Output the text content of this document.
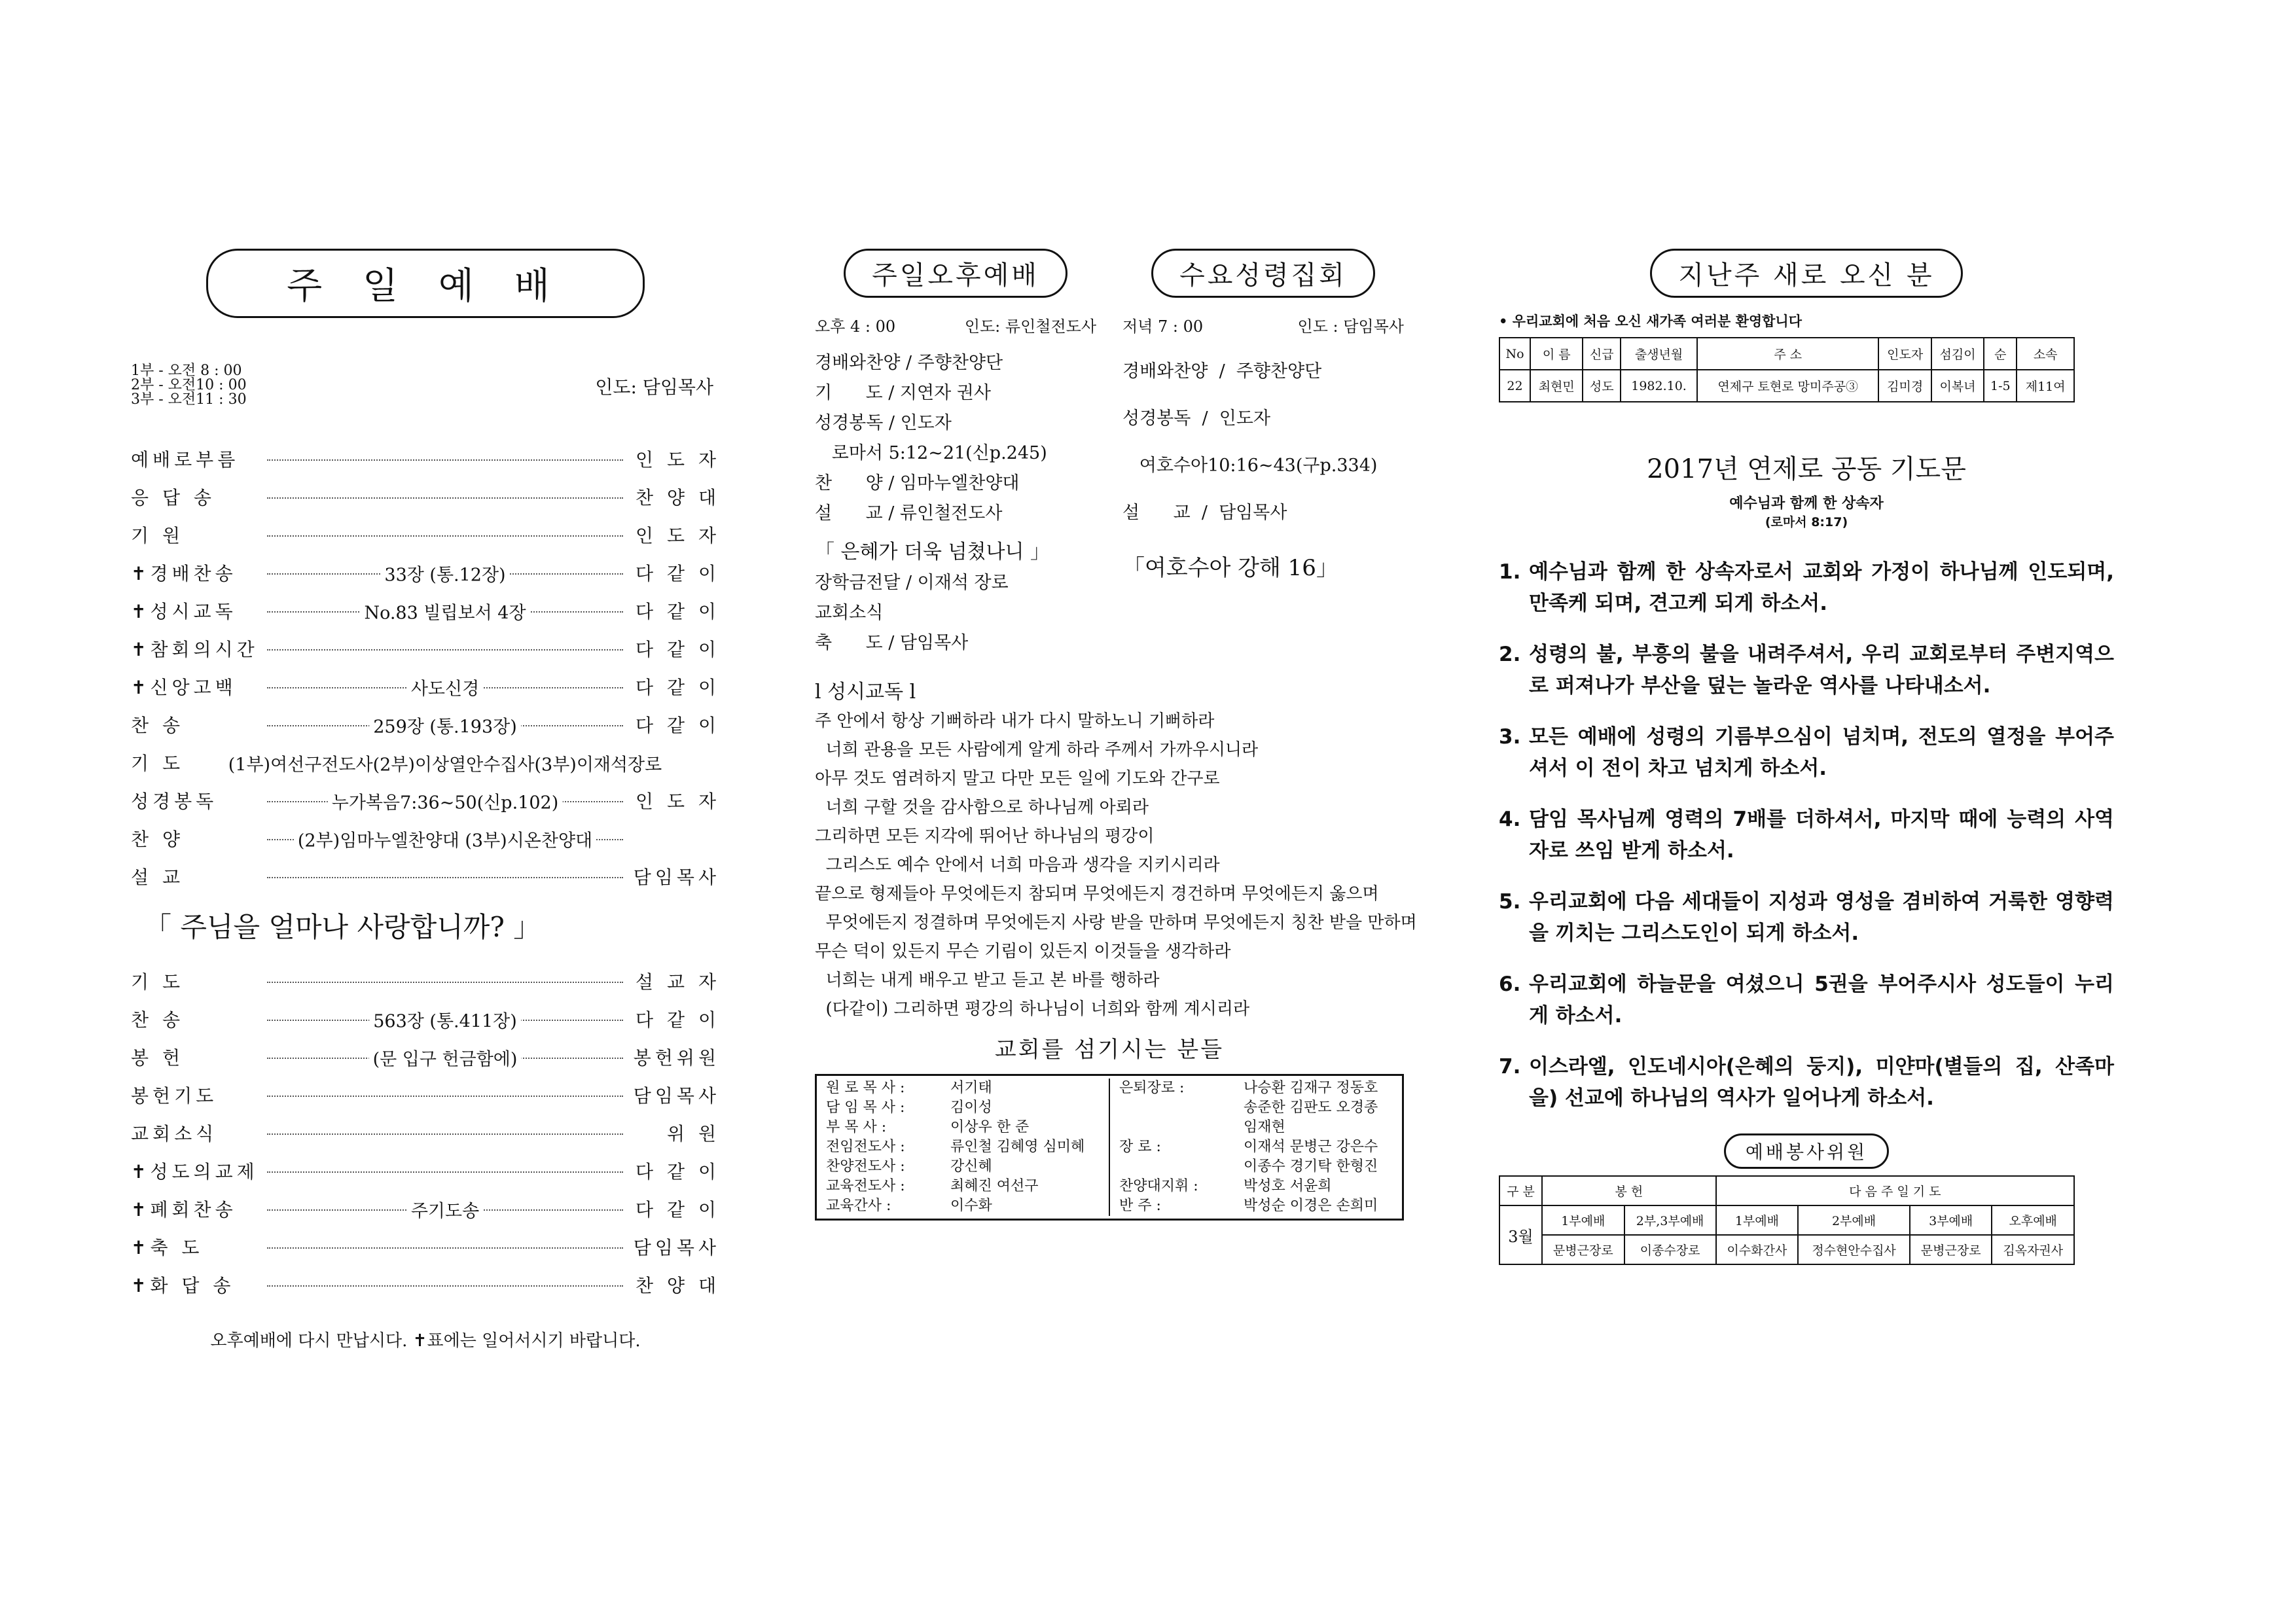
주 일 예 배
1부 - 오전 8 : 00
2부 - 오전10 : 00
3부 - 오전11 : 30
인도: 담임목사
예배로부름	인 도 자
응 답 송	찬 양 대
기 원	인 도 자
✝경배찬송	33장 (통.12장)	다 같 이
✝성시교독	No.83 빌립보서 4장	다 같 이
✝참회의시간	다 같 이
✝신앙고백	사도신경	다 같 이
찬 송	259장 (통.193장)	다 같 이
기 도	(1부)여선구전도사(2부)이상열안수집사(3부)이재석장로
성경봉독	누가복음7:36~50(신p.102)	인 도 자
찬 양	(2부)임마누엘찬양대 (3부)시온찬양대
설 교	담임목사
「 주님을 얼마나 사랑합니까? 」
기 도	설 교 자
찬 송	563장 (통.411장)	다 같 이
봉 헌	(문 입구 헌금함에)	봉헌위원
봉헌기도	담임목사
교회소식	위 원
✝성도의교제	다 같 이
✝폐회찬송	주기도송	다 같 이
✝축 도	담임목사
✝화 답 송	찬 양 대
오후예배에 다시 만납시다. ✝표에는 일어서시기 바랍니다.
주일오후예배
오후 4 : 00	인도: 류인철전도사
경배와찬양 / 주향찬양단
기      도 / 지연자 권사
성경봉독 / 인도자
로마서 5:12~21(신p.245)
찬      양 / 임마누엘찬양대
설      교 / 류인철전도사
「 은혜가 더욱 넘쳤나니 」
장학금전달 / 이재석 장로
교회소식
축      도 / 담임목사
수요성령집회
저녁 7 : 00	인도 : 담임목사
경배와찬양  /  주향찬양단
성경봉독  /  인도자
여호수아10:16~43(구p.334)
설      교  /  담임목사
「여호수아 강해 16」
l 성시교독 l
주 안에서 항상 기뻐하라 내가 다시 말하노니 기뻐하라
너희 관용을 모든 사람에게 알게 하라 주께서 가까우시니라
아무 것도 염려하지 말고 다만 모든 일에 기도와 간구로
너희 구할 것을 감사함으로 하나님께 아뢰라
그리하면 모든 지각에 뛰어난 하나님의 평강이
그리스도 예수 안에서 너희 마음과 생각을 지키시리라
끝으로 형제들아 무엇에든지 참되며 무엇에든지 경건하며 무엇에든지 옳으며
무엇에든지 정결하며 무엇에든지 사랑 받을 만하며 무엇에든지 칭찬 받을 만하며
무슨 덕이 있든지 무슨 기림이 있든지 이것들을 생각하라
너희는 내게 배우고 받고 듣고 본 바를 행하라
(다같이) 그리하면 평강의 하나님이 너희와 함께 계시리라
교회를 섬기시는 분들
원 로 목 사 :	서기태
담 임 목 사 :	김이성
부 목 사 :	이상우 한 준
전임전도사 :	류인철 김혜영 심미혜
찬양전도사 :	강신혜
교육전도사 :	최혜진 여선구
교육간사 :	이수화
은퇴장로 :	나승환 김재구 정동호
송준한 김판도 오경종
임재현
장 로 :	이재석 문병근 강은수
이종수 경기탁 한형진
찬양대지휘 :	박성호 서윤희
반 주 :	박성순 이경은 손희미
지난주 새로 오신 분
• 우리교회에 처음 오신 새가족 여러분 환영합니다
No	이 름	신급	출생년월	주 소	인도자	섬김이	순	소속
22	최현민	성도	1982.10.	연제구 토현로 망미주공③	김미경	이복녀	1-5	제11여
2017년 연제로 공동 기도문
예수님과 함께 한 상속자
(로마서 8:17)
1. 예수님과 함께 한 상속자로서 교회와 가정이 하나님께 인도되며, 만족케 되며, 견고케 되게 하소서.
2. 성령의 불, 부흥의 불을 내려주셔서, 우리 교회로부터 주변지역으로 퍼져나가 부산을 덮는 놀라운 역사를 나타내소서.
3. 모든 예배에 성령의 기름부으심이 넘치며, 전도의 열정을 부어주셔서 이 전이 차고 넘치게 하소서.
4. 담임 목사님께 영력의 7배를 더하셔서, 마지막 때에 능력의 사역자로 쓰임 받게 하소서.
5. 우리교회에 다음 세대들이 지성과 영성을 겸비하여 거룩한 영향력을 끼치는 그리스도인이 되게 하소서.
6. 우리교회에 하늘문을 여셨으니 5권을 부어주시사 성도들이 누리게 하소서.
7. 이스라엘, 인도네시아(은혜의 둥지), 미얀마(별들의 집, 산족마을) 선교에 하나님의 역사가 일어나게 하소서.
예배봉사위원
구 분	봉 헌		다 음 주 일 기 도			
3월	1부예배	2부,3부예배	1부예배	2부예배	3부예배	오후예배
	문병근장로	이종수장로	이수화간사	정수현안수집사	문병근장로	김옥자권사
